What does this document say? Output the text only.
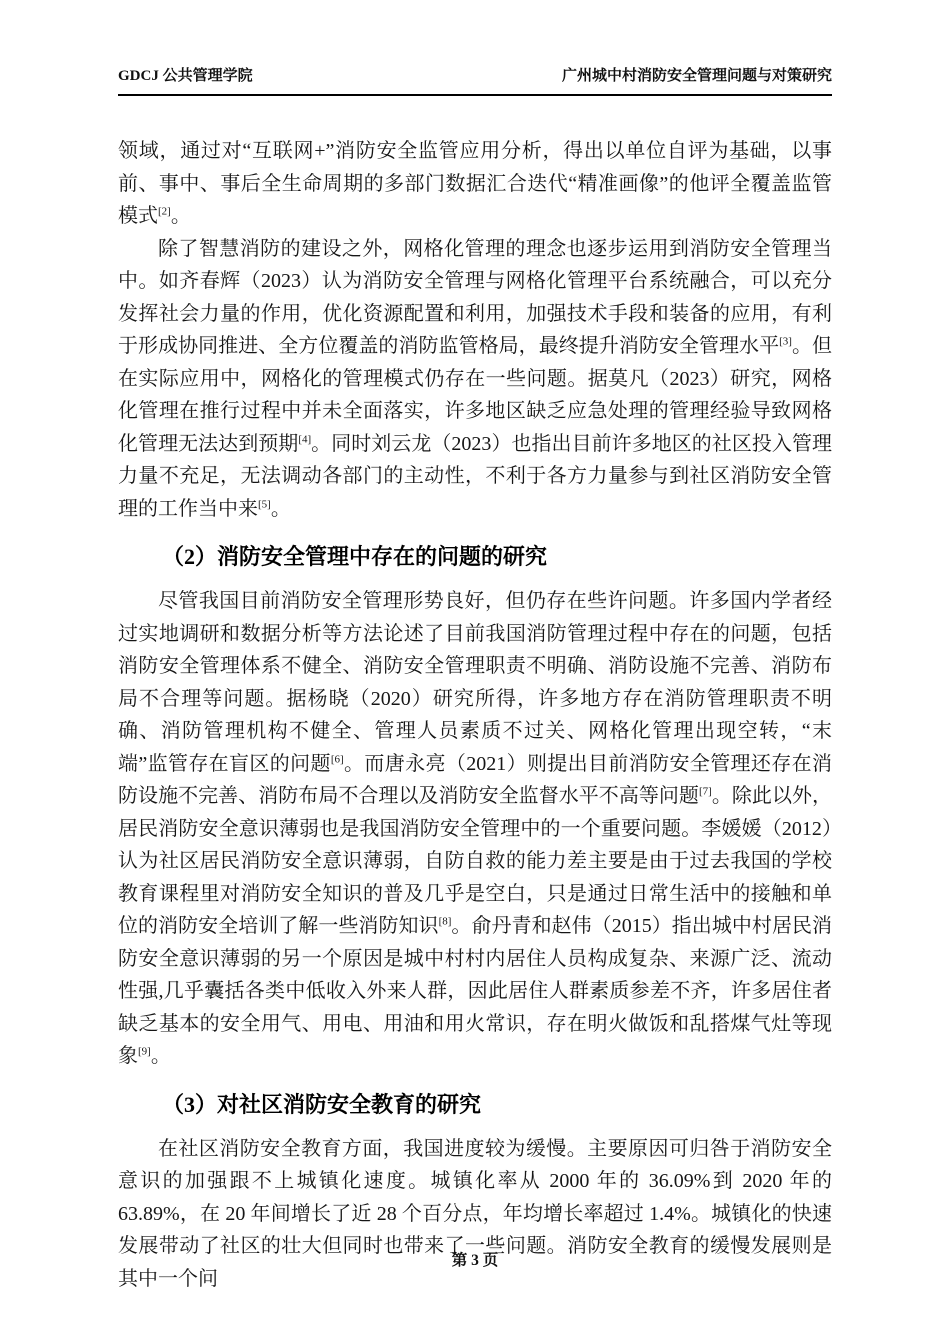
GDCJ 公共管理学院	广州城中村消防安全管理问题与对策研究

领域，通过对“互联网+”消防安全监管应用分析，得出以单位自评为基础，以事前、事中、事后全生命周期的多部门数据汇合迭代“精准画像”的他评全覆盖监管模式[2]。

除了智慧消防的建设之外，网格化管理的理念也逐步运用到消防安全管理当中。如齐春辉（2023）认为消防安全管理与网格化管理平台系统融合，可以充分发挥社会力量的作用，优化资源配置和利用，加强技术手段和装备的应用，有利于形成协同推进、全方位覆盖的消防监管格局，最终提升消防安全管理水平[3]。但在实际应用中，网格化的管理模式仍存在一些问题。据莫凡（2023）研究，网格化管理在推行过程中并未全面落实，许多地区缺乏应急处理的管理经验导致网格化管理无法达到预期[4]。同时刘云龙（2023）也指出目前许多地区的社区投入管理力量不充足，无法调动各部门的主动性，不利于各方力量参与到社区消防安全管理的工作当中来[5]。

（2）消防安全管理中存在的问题的研究

尽管我国目前消防安全管理形势良好，但仍存在些许问题。许多国内学者经过实地调研和数据分析等方法论述了目前我国消防管理过程中存在的问题，包括消防安全管理体系不健全、消防安全管理职责不明确、消防设施不完善、消防布局不合理等问题。据杨晓（2020）研究所得，许多地方存在消防管理职责不明确、消防管理机构不健全、管理人员素质不过关、网格化管理出现空转，“末端”监管存在盲区的问题[6]。而唐永亮（2021）则提出目前消防安全管理还存在消防设施不完善、消防布局不合理以及消防安全监督水平不高等问题[7]。除此以外，居民消防安全意识薄弱也是我国消防安全管理中的一个重要问题。李媛媛（2012）认为社区居民消防安全意识薄弱，自防自救的能力差主要是由于过去我国的学校教育课程里对消防安全知识的普及几乎是空白，只是通过日常生活中的接触和单位的消防安全培训了解一些消防知识[8]。俞丹青和赵伟（2015）指出城中村居民消防安全意识薄弱的另一个原因是城中村村内居住人员构成复杂、来源广泛、流动性强,几乎囊括各类中低收入外来人群，因此居住人群素质参差不齐，许多居住者缺乏基本的安全用气、用电、用油和用火常识，存在明火做饭和乱搭煤气灶等现象[9]。

（3）对社区消防安全教育的研究

在社区消防安全教育方面，我国进度较为缓慢。主要原因可归咎于消防安全意识的加强跟不上城镇化速度。城镇化率从 2000 年的 36.09%到 2020 年的 63.89%，在 20 年间增长了近 28 个百分点，年均增长率超过 1.4%。城镇化的快速发展带动了社区的壮大但同时也带来了一些问题。消防安全教育的缓慢发展则是其中一个问

第 3 页
